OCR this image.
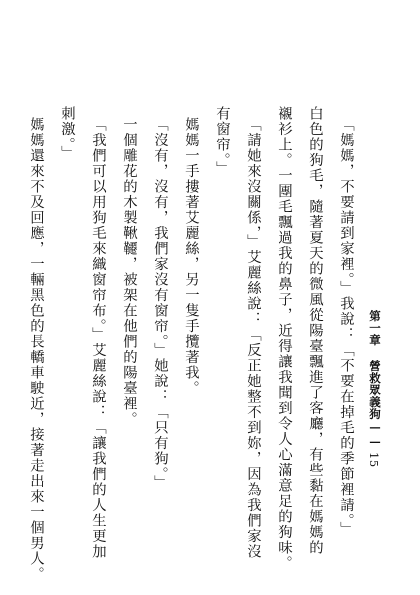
第一章
營救眾義狗——
15
「媽媽，不要請到家裡。」我說：「不要在掉毛的季節裡請。」
白色的狗毛，隨著夏天的微風從陽臺飄進了客廳，有些黏在媽媽的
襯衫上。一團毛飄過我的鼻子，近得讓我聞到令人心滿意足的狗味。
「請她來沒關係，」艾麗絲說：「反正她整不到妳，因為我們家沒
有窗帘。」
媽媽一手摟著艾麗絲，另一隻手攬著我。
「沒有，沒有，我們家沒有窗帘。」她說：「只有狗。」
一個雕花的木製鞦韆，被架在他們的陽臺裡。
「我們可以用狗毛來織窗帘布。」艾麗絲說：「讓我們的人生更加
刺激。」
媽媽還來不及回應，一輛黑色的長轎車駛近，接著走出來一個男人。
